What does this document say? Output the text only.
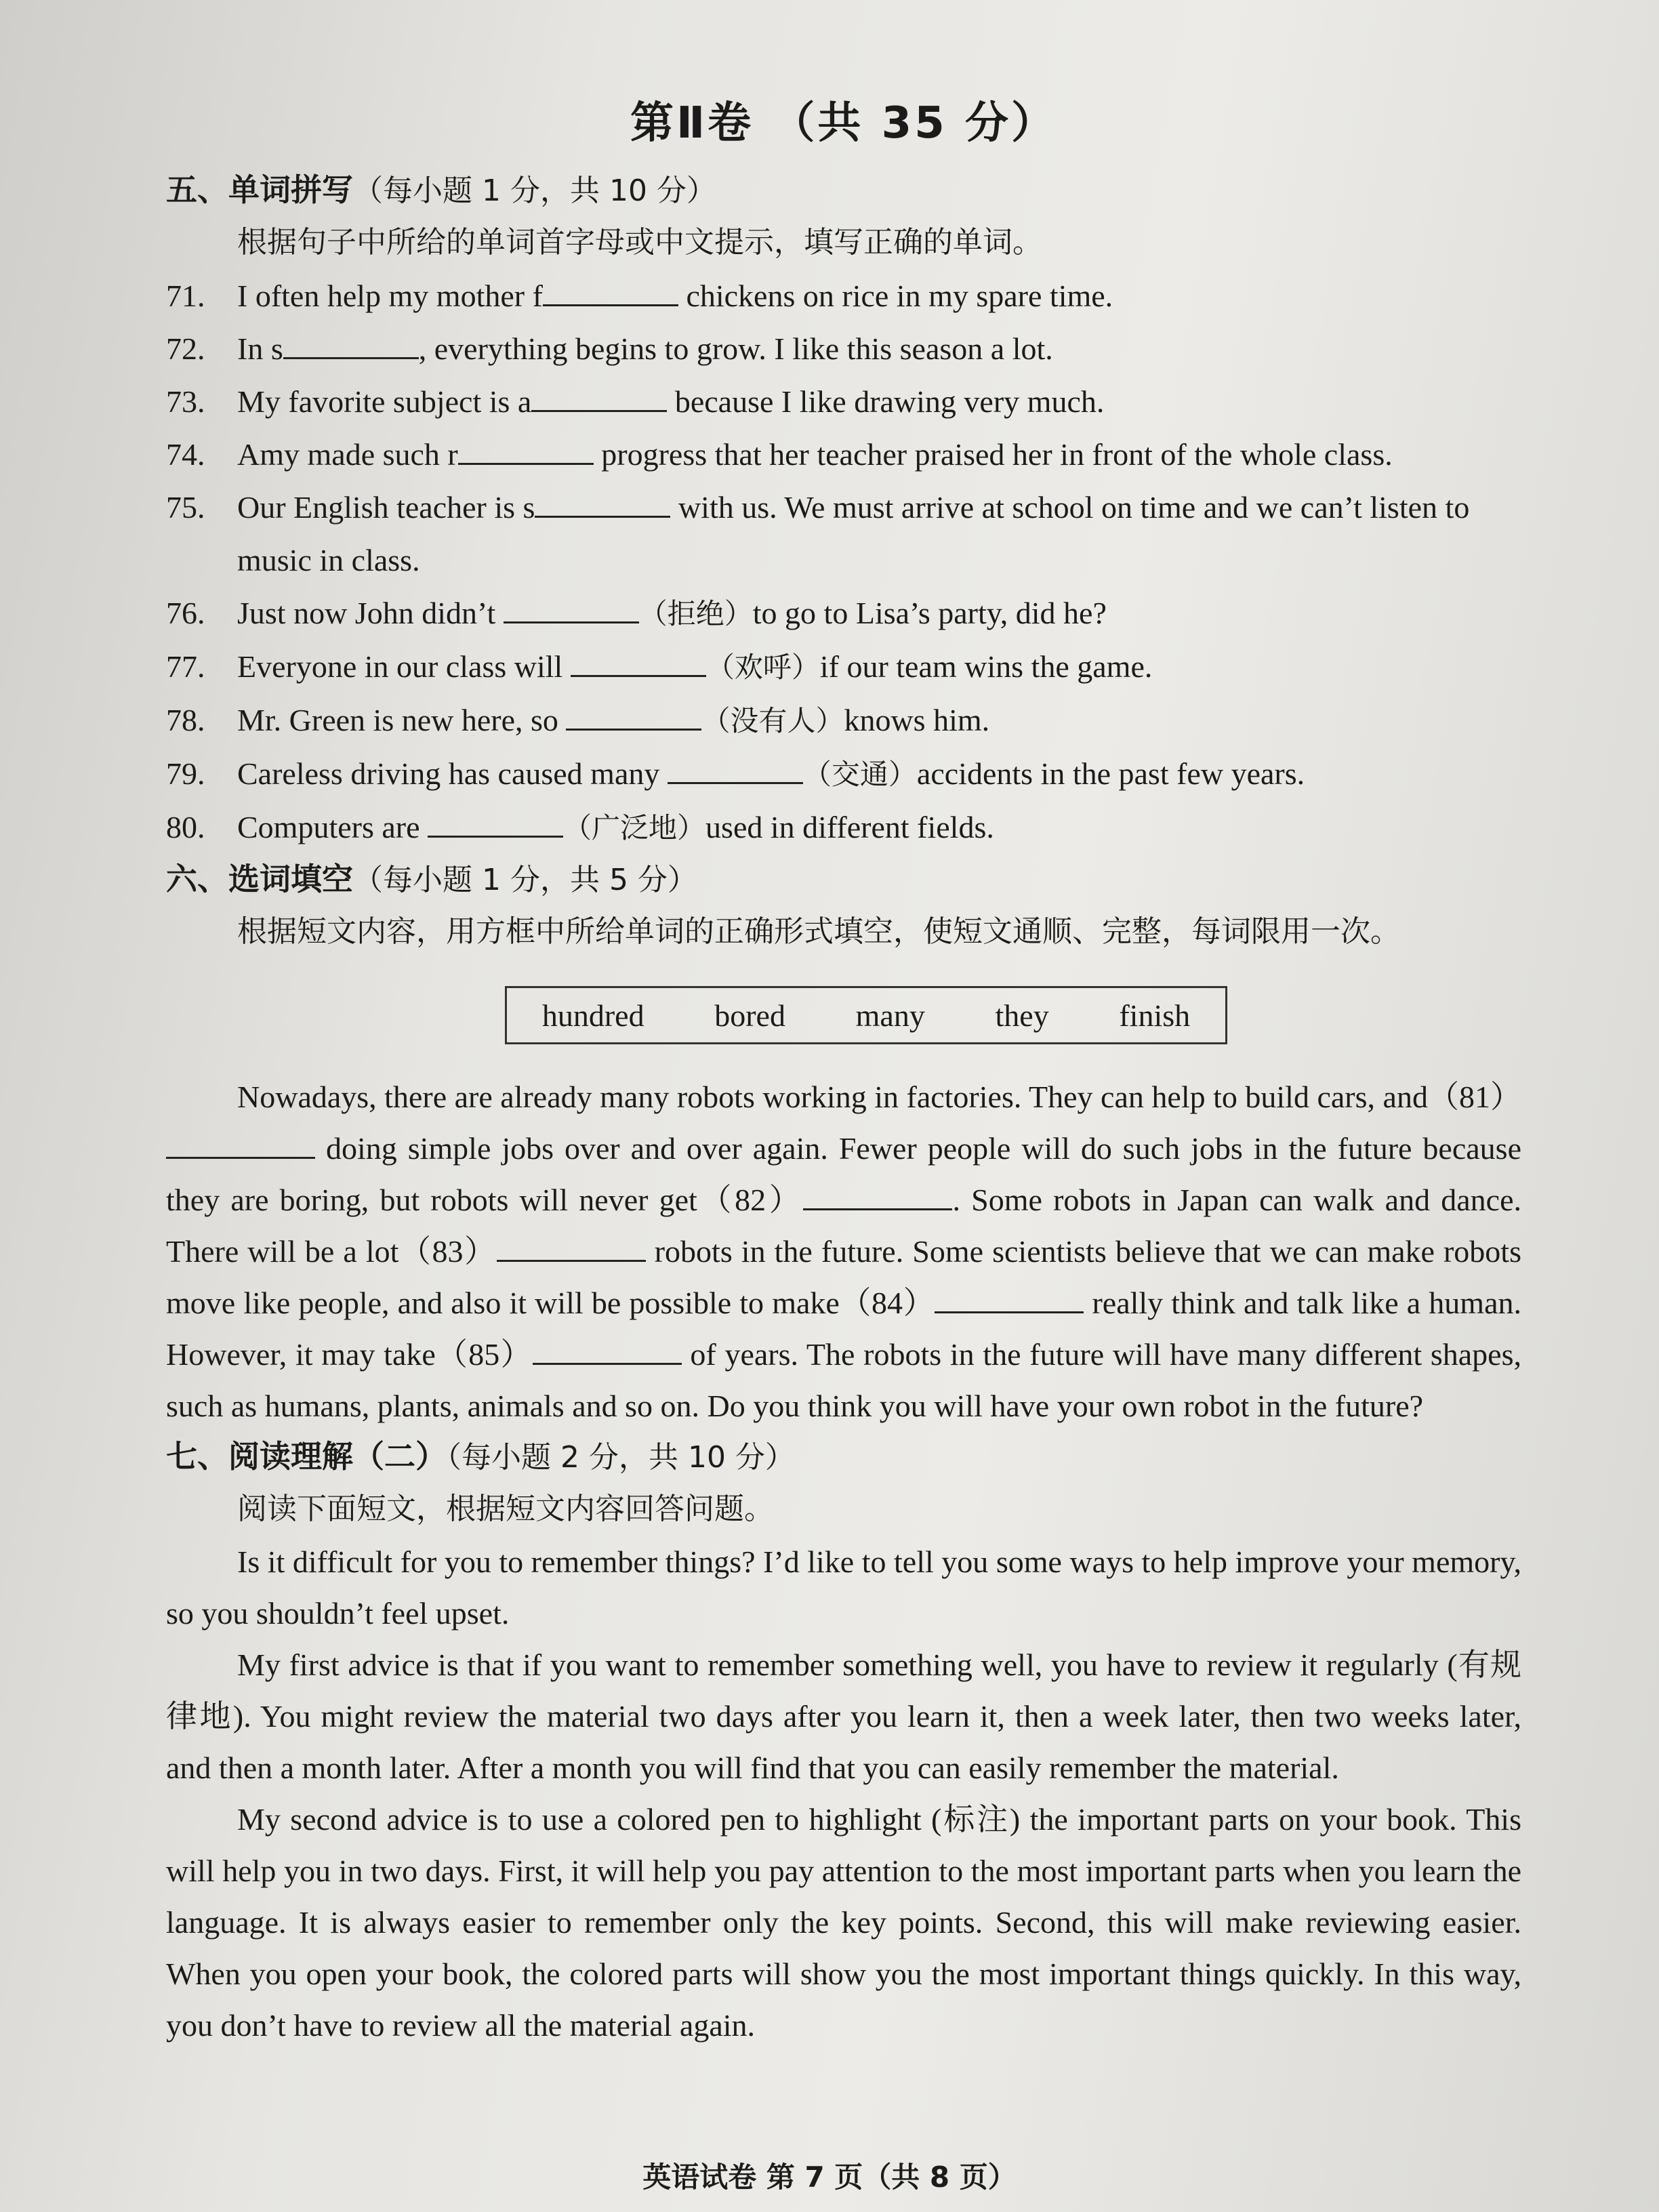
第Ⅱ卷 （共 35 分）
五、单词拼写（每小题 1 分，共 10 分）
根据句子中所给的单词首字母或中文提示，填写正确的单词。
71.	I often help my mother f	chickens on rice in my spare time.
72.	In s	, everything begins to grow. I like this season a lot.
73.	My favorite subject is a	because I like drawing very much.
74.	Amy made such r	progress that her teacher praised her in front of the whole class.
75.	Our English teacher is s	with us. We must arrive at school on time and we can’t listen to music in class.
76.	Just now John didn’t	（拒绝）to go to Lisa’s party, did he?
77.	Everyone in our class will	（欢呼）if our team wins the game.
78.	Mr. Green is new here, so	（没有人）knows him.
79.	Careless driving has caused many	（交通）accidents in the past few years.
80.	Computers are	（广泛地）used in different fields.
六、选词填空（每小题 1 分，共 5 分）
根据短文内容，用方框中所给单词的正确形式填空，使短文通顺、完整，每词限用一次。
hundred bored many they finish

Nowadays, there are already many robots working in factories. They can help to build cars, and（81） doing simple jobs over and over again. Fewer people will do such jobs in the future because they are boring, but robots will never get（82）	. Some robots in Japan can walk and dance. There will be a lot（83）	robots in the future. Some scientists believe that we can make robots move like people, and also it will be possible to make（84）	really think and talk like a human. However, it may take（85）	of years. The robots in the future will have many different shapes, such as humans, plants, animals and so on. Do you think you will have your own robot in the future?

七、阅读理解（二）（每小题 2 分，共 10 分）
阅读下面短文，根据短文内容回答问题。

Is it difficult for you to remember things? I’d like to tell you some ways to help improve your memory, so you shouldn’t feel upset.

My first advice is that if you want to remember something well, you have to review it regularly (有规律地). You might review the material two days after you learn it, then a week later, then two weeks later, and then a month later. After a month you will find that you can easily remember the material.

My second advice is to use a colored pen to highlight (标注) the important parts on your book. This will help you in two days. First, it will help you pay attention to the most important parts when you learn the language. It is always easier to remember only the key points. Second, this will make reviewing easier. When you open your book, the colored parts will show you the most important things quickly. In this way, you don’t have to review all the material again.

英语试卷 第 7 页（共 8 页）
